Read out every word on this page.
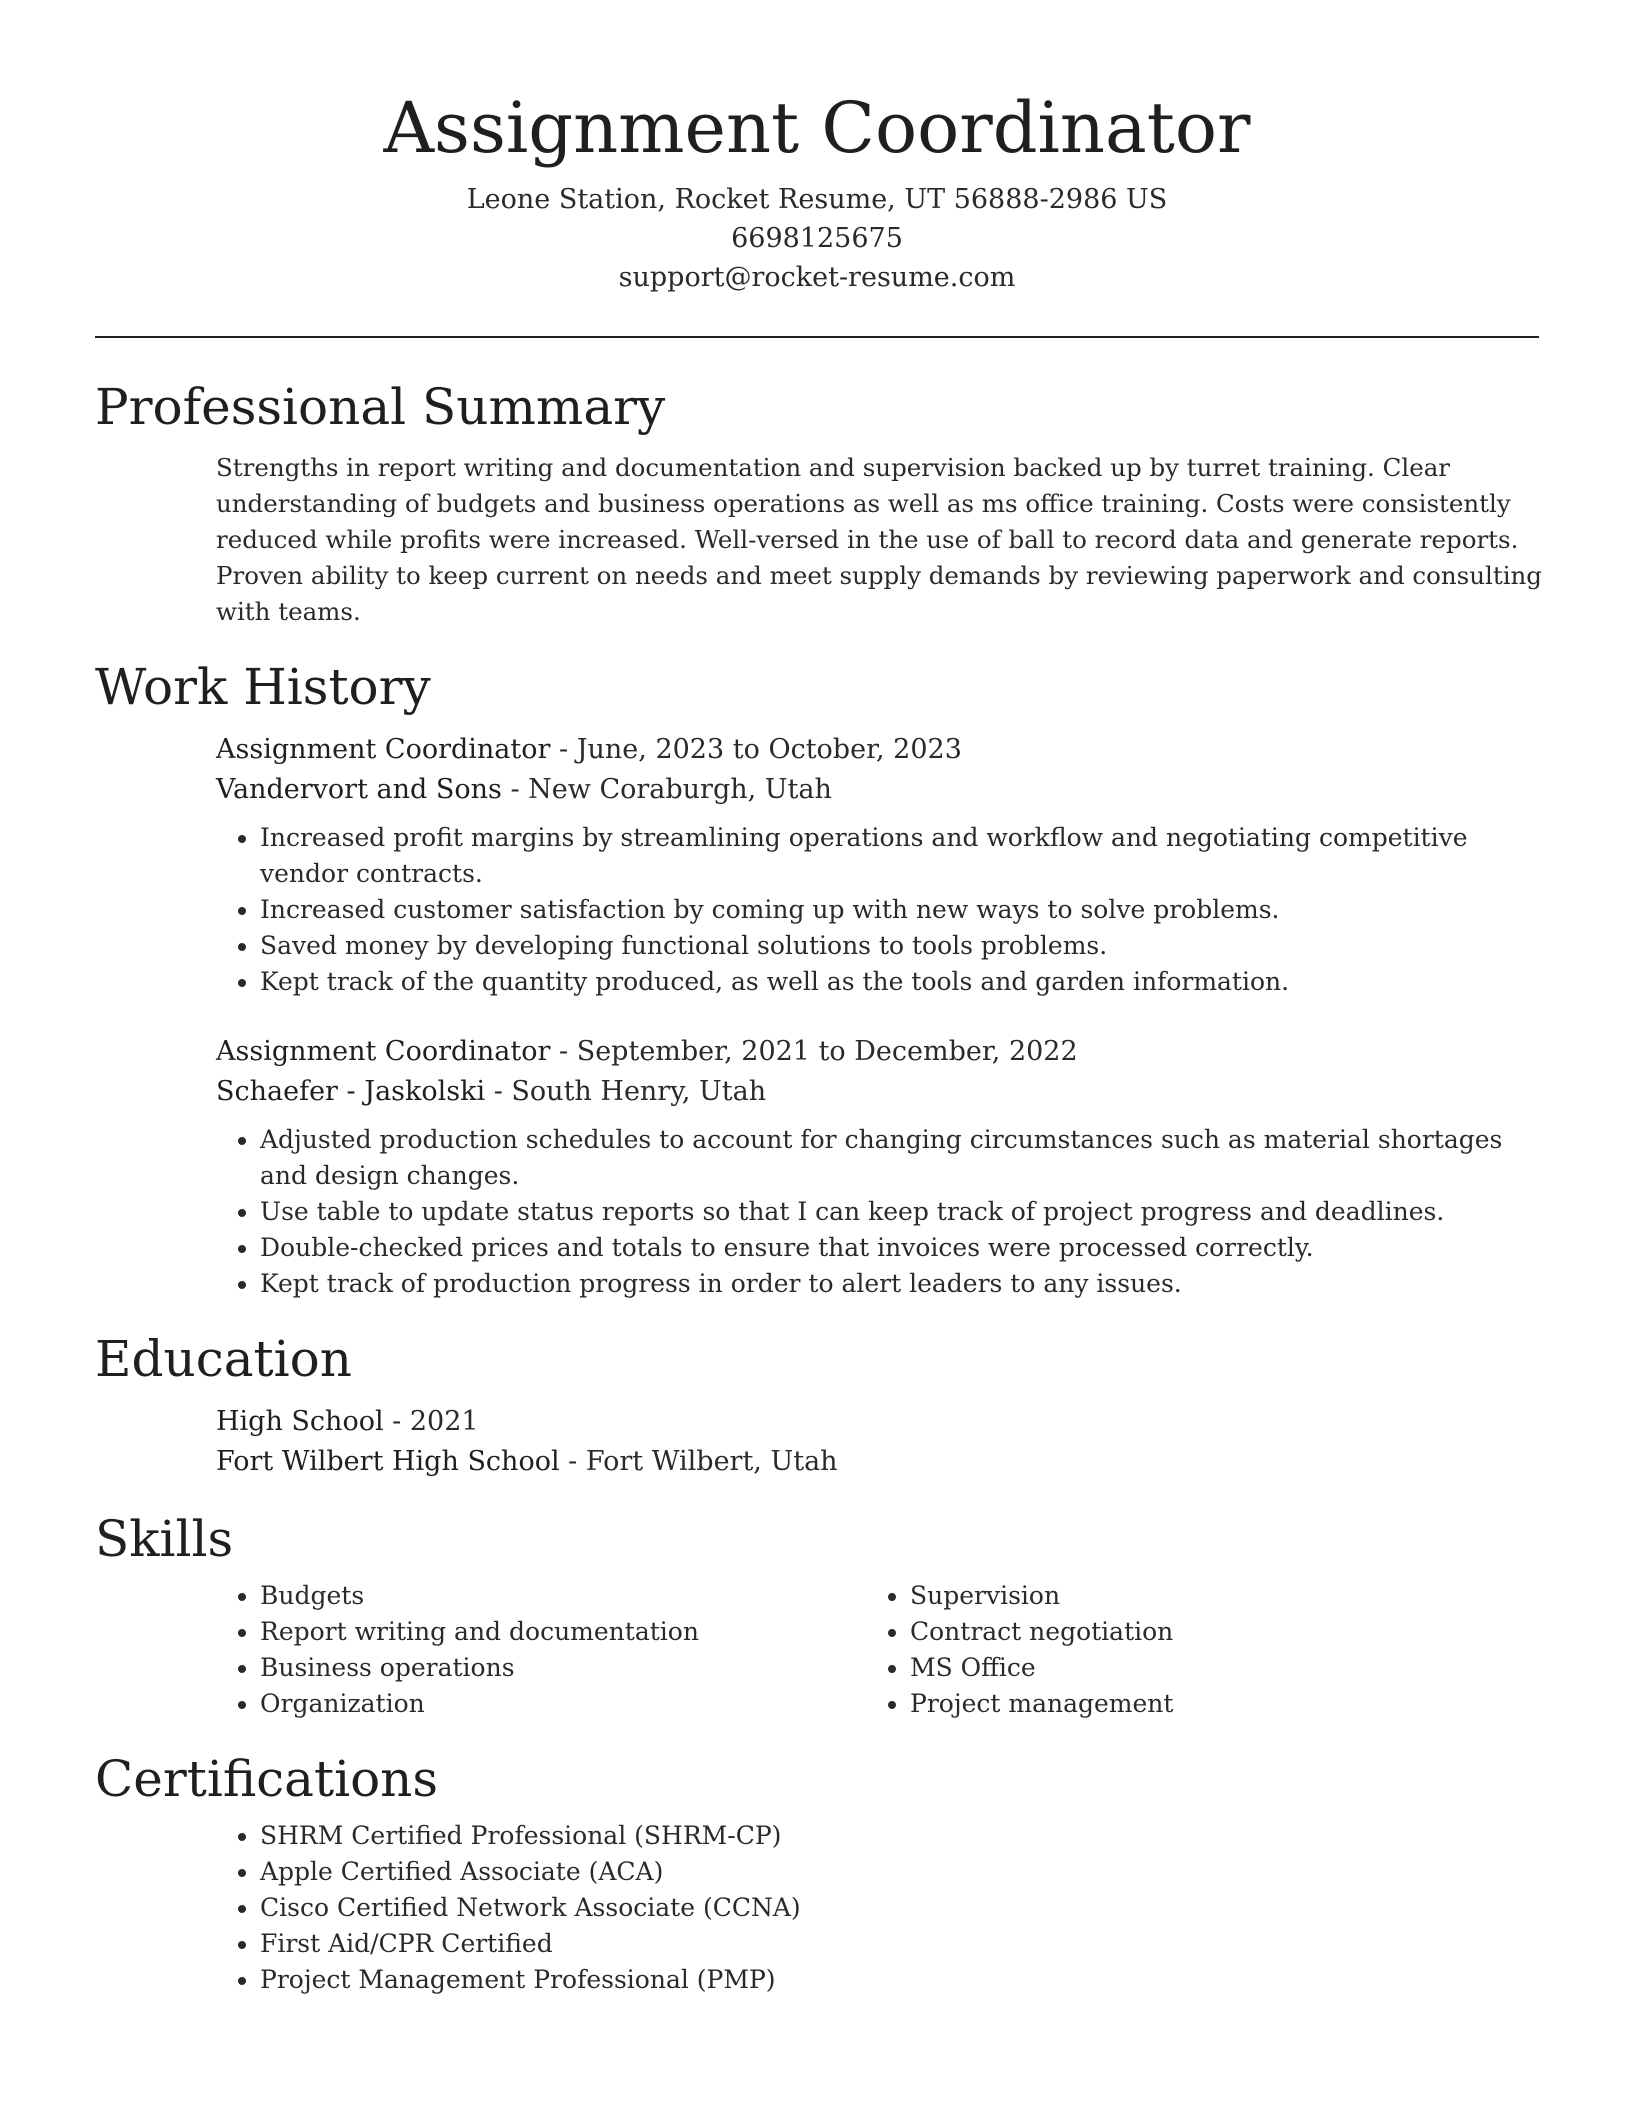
Assignment Coordinator

Leone Station, Rocket Resume, UT 56888-2986 US

6698125675

support@rocket-resume.com

Professional Summary

Strengths in report writing and documentation and supervision backed up by turret training. Clear understanding of budgets and business operations as well as ms office training. Costs were consistently reduced while profits were increased. Well-versed in the use of ball to record data and generate reports. Proven ability to keep current on needs and meet supply demands by reviewing paperwork and consulting with teams.

Work History

Assignment Coordinator - June, 2023 to October, 2023

Vandervort and Sons - New Coraburgh, Utah

• Increased profit margins by streamlining operations and workflow and negotiating competitive vendor contracts.
• Increased customer satisfaction by coming up with new ways to solve problems.
• Saved money by developing functional solutions to tools problems.
• Kept track of the quantity produced, as well as the tools and garden information.

Assignment Coordinator - September, 2021 to December, 2022

Schaefer - Jaskolski - South Henry, Utah

• Adjusted production schedules to account for changing circumstances such as material shortages and design changes.
• Use table to update status reports so that I can keep track of project progress and deadlines.
• Double-checked prices and totals to ensure that invoices were processed correctly.
• Kept track of production progress in order to alert leaders to any issues.
Education

High School - 2021

Fort Wilbert High School - Fort Wilbert, Utah

Skills
• Budgets
• Report writing and documentation
• Business operations
• Organization
• Supervision
• Contract negotiation
• MS Office
• Project management
Certifications
• SHRM Certified Professional (SHRM-CP)
• Apple Certified Associate (ACA)
• Cisco Certified Network Associate (CCNA)
• First Aid/CPR Certified
• Project Management Professional (PMP)
